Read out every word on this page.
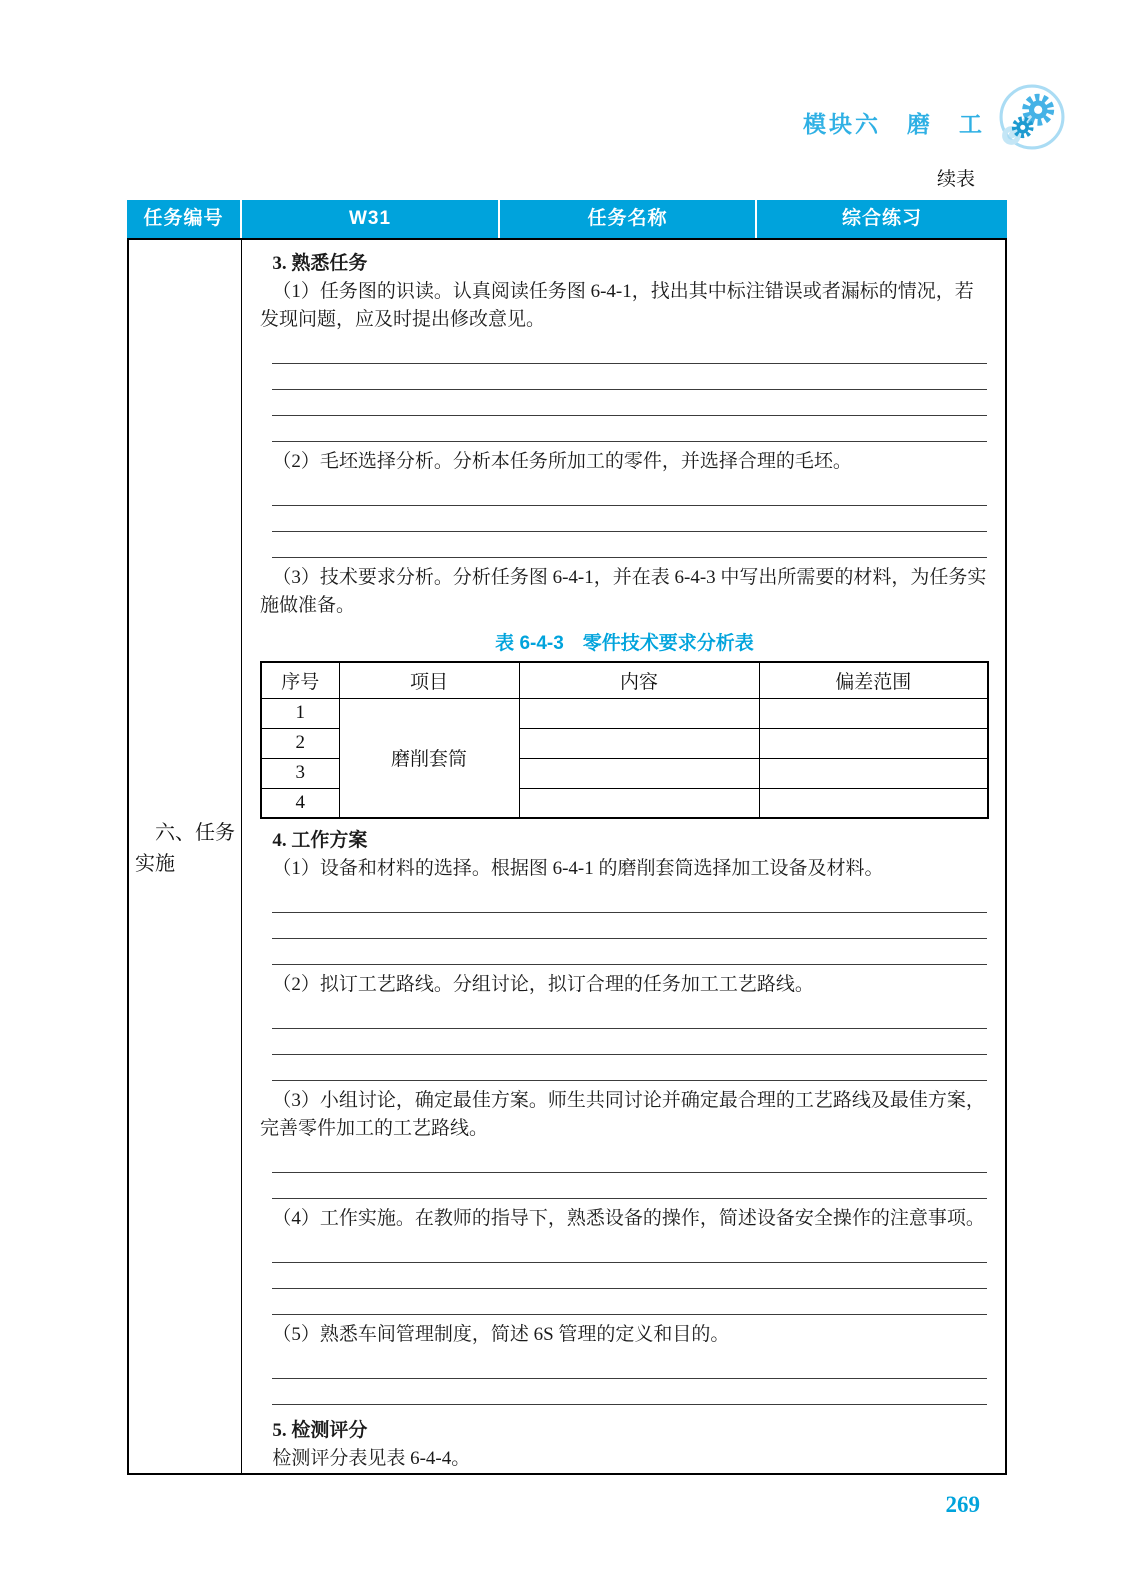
模块六　磨　工
续表
任务编号	W31	任务名称	综合练习
六、任务
实施

3. 熟悉任务

（1）任务图的识读。认真阅读任务图 6-4-1，找出其中标注错误或者漏标的情况，若发现问题，应及时提出修改意见。

（2）毛坯选择分析。分析本任务所加工的零件，并选择合理的毛坯。

（3）技术要求分析。分析任务图 6-4-1，并在表 6-4-3 中写出所需要的材料，为任务实施做准备。

表 6-4-3　零件技术要求分析表
序号	项目	内容	偏差范围
1	磨削套筒		
2			
3			
4			

4. 工作方案

（1）设备和材料的选择。根据图 6-4-1 的磨削套筒选择加工设备及材料。

（2）拟订工艺路线。分组讨论，拟订合理的任务加工工艺路线。

（3）小组讨论，确定最佳方案。师生共同讨论并确定最合理的工艺路线及最佳方案，完善零件加工的工艺路线。

（4）工作实施。在教师的指导下，熟悉设备的操作，简述设备安全操作的注意事项。

（5）熟悉车间管理制度，简述 6S 管理的定义和目的。

5. 检测评分

检测评分表见表 6-4-4。

269
